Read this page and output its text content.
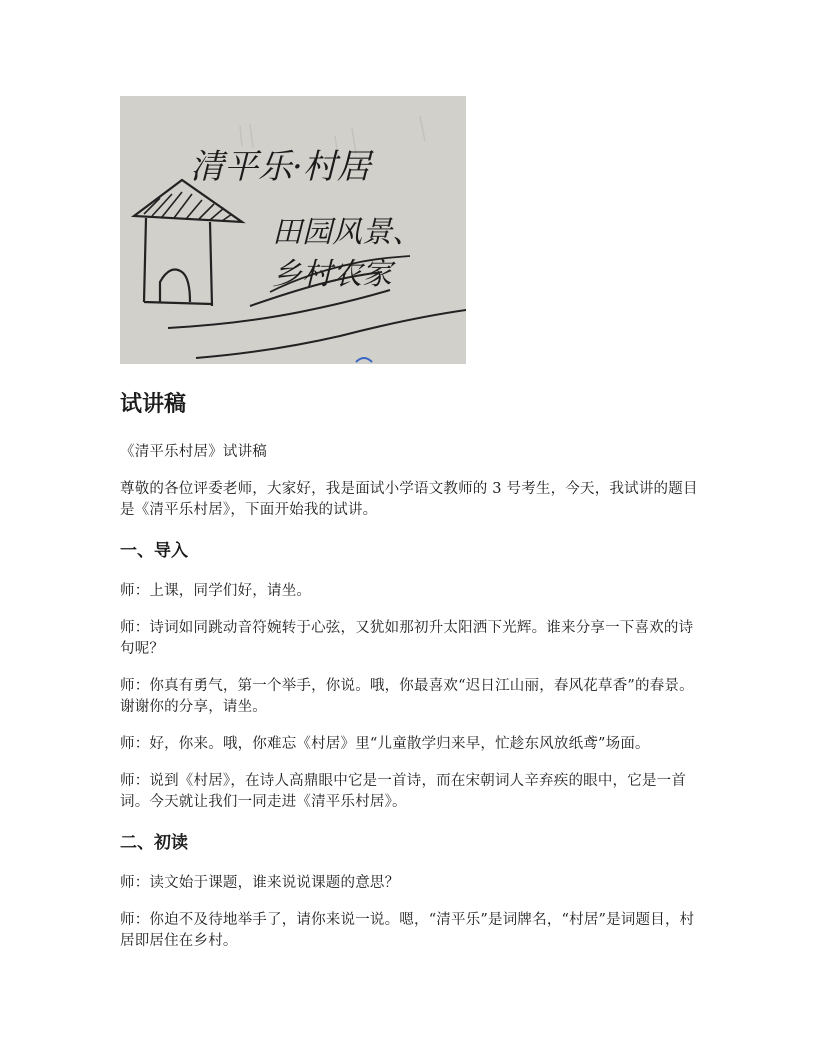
清平乐·村居
田园风景、
乡村农家
试讲稿

《清平乐村居》试讲稿

尊敬的各位评委老师，大家好，我是面试小学语文教师的 3 号考生，今天，我试讲的题目是《清平乐村居》，下面开始我的试讲。

一、导入

师：上课，同学们好，请坐。

师：诗词如同跳动音符婉转于心弦，又犹如那初升太阳洒下光辉。谁来分享一下喜欢的诗句呢？

师：你真有勇气，第一个举手，你说。哦，你最喜欢“迟日江山丽，春风花草香”的春景。 谢谢你的分享，请坐。

师：好，你来。哦，你难忘《村居》里“儿童散学归来早，忙趁东风放纸鸢”场面。

师：说到《村居》，在诗人高鼎眼中它是一首诗，而在宋朝词人辛弃疾的眼中，它是一首词。今天就让我们一同走进《清平乐村居》。

二、初读

师：读文始于课题，谁来说说课题的意思？

师：你迫不及待地举手了，请你来说一说。嗯，“清平乐”是词牌名，“村居”是词题目，村居即居住在乡村。
